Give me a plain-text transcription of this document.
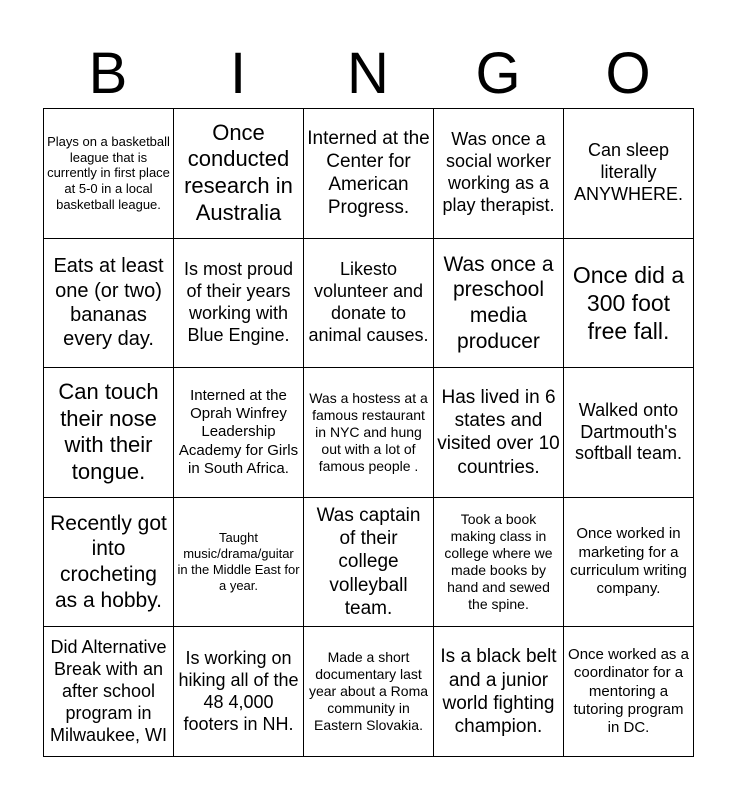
B	I	N	G	O
Plays on a basketball league that is currently in first place at 5-0 in a local basketball league.	Once conducted research in Australia	Interned at the Center for American Progress.	Was once a social worker working as a play therapist.	Can sleep literally ANYWHERE.
Eats at least one (or two) bananas every day.	Is most proud of their years working with Blue Engine.	Likesto volunteer and donate to animal causes.	Was once a preschool media producer	Once did a 300 foot free fall.
Can touch their nose with their tongue.	Interned at the Oprah Winfrey Leadership Academy for Girls in South Africa.	Was a hostess at a famous restaurant in NYC and hung out with a lot of famous people .	Has lived in 6 states and visited over 10 countries.	Walked onto Dartmouth's softball team.
Recently got into crocheting as a hobby.	Taught music/drama/guitar in the Middle East for a year.	Was captain of their college volleyball team.	Took a book making class in college where we made books by hand and sewed the spine.	Once worked in marketing for a curriculum writing company.
Did Alternative Break with an after school program in Milwaukee, WI	Is working on hiking all of the 48 4,000 footers in NH.	Made a short documentary last year about a Roma community in Eastern Slovakia.	Is a black belt and a junior world fighting champion.	Once worked as a coordinator for a mentoring a tutoring program in DC.
